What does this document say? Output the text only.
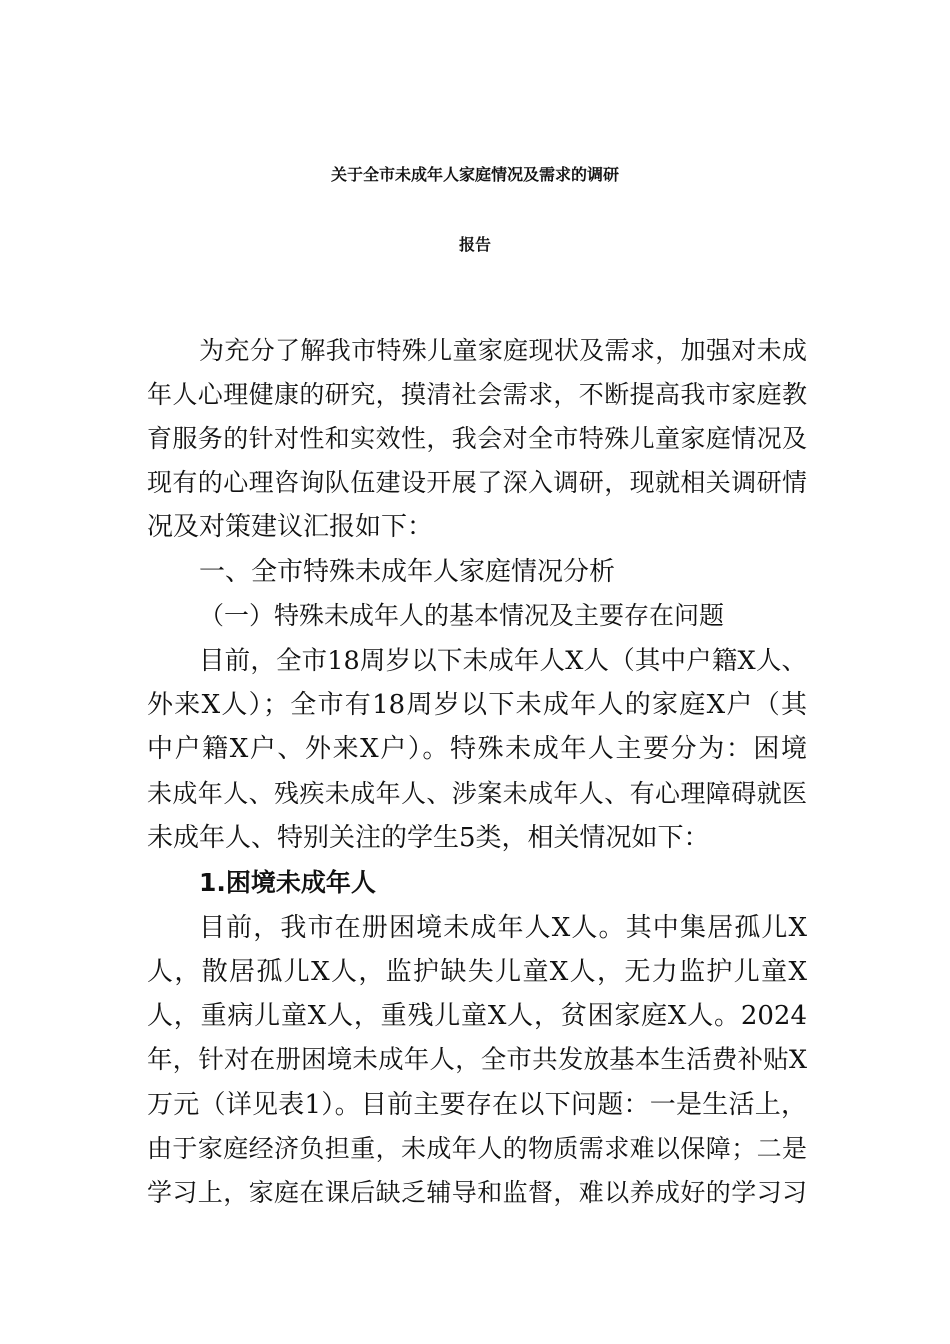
关于全市未成年人家庭情况及需求的调研
报告
为充分了解我市特殊儿童家庭现状及需求，加强对未成
年人心理健康的研究，摸清社会需求，不断提高我市家庭教
育服务的针对性和实效性，我会对全市特殊儿童家庭情况及
现有的心理咨询队伍建设开展了深入调研，现就相关调研情
况及对策建议汇报如下：
一、全市特殊未成年人家庭情况分析
（一）特殊未成年人的基本情况及主要存在问题
目前，全市18周岁以下未成年人X人（其中户籍X人、
外来X人）；全市有18周岁以下未成年人的家庭X户（其
中户籍X户、外来X户）。特殊未成年人主要分为：困境
未成年人、残疾未成年人、涉案未成年人、有心理障碍就医
未成年人、特别关注的学生5类，相关情况如下：
1.困境未成年人
目前，我市在册困境未成年人X人。其中集居孤儿X
人，散居孤儿X人，监护缺失儿童X人，无力监护儿童X
人，重病儿童X人，重残儿童X人，贫困家庭X人。2024
年，针对在册困境未成年人，全市共发放基本生活费补贴X
万元（详见表1）。目前主要存在以下问题：一是生活上，
由于家庭经济负担重，未成年人的物质需求难以保障；二是
学习上，家庭在课后缺乏辅导和监督，难以养成好的学习习
